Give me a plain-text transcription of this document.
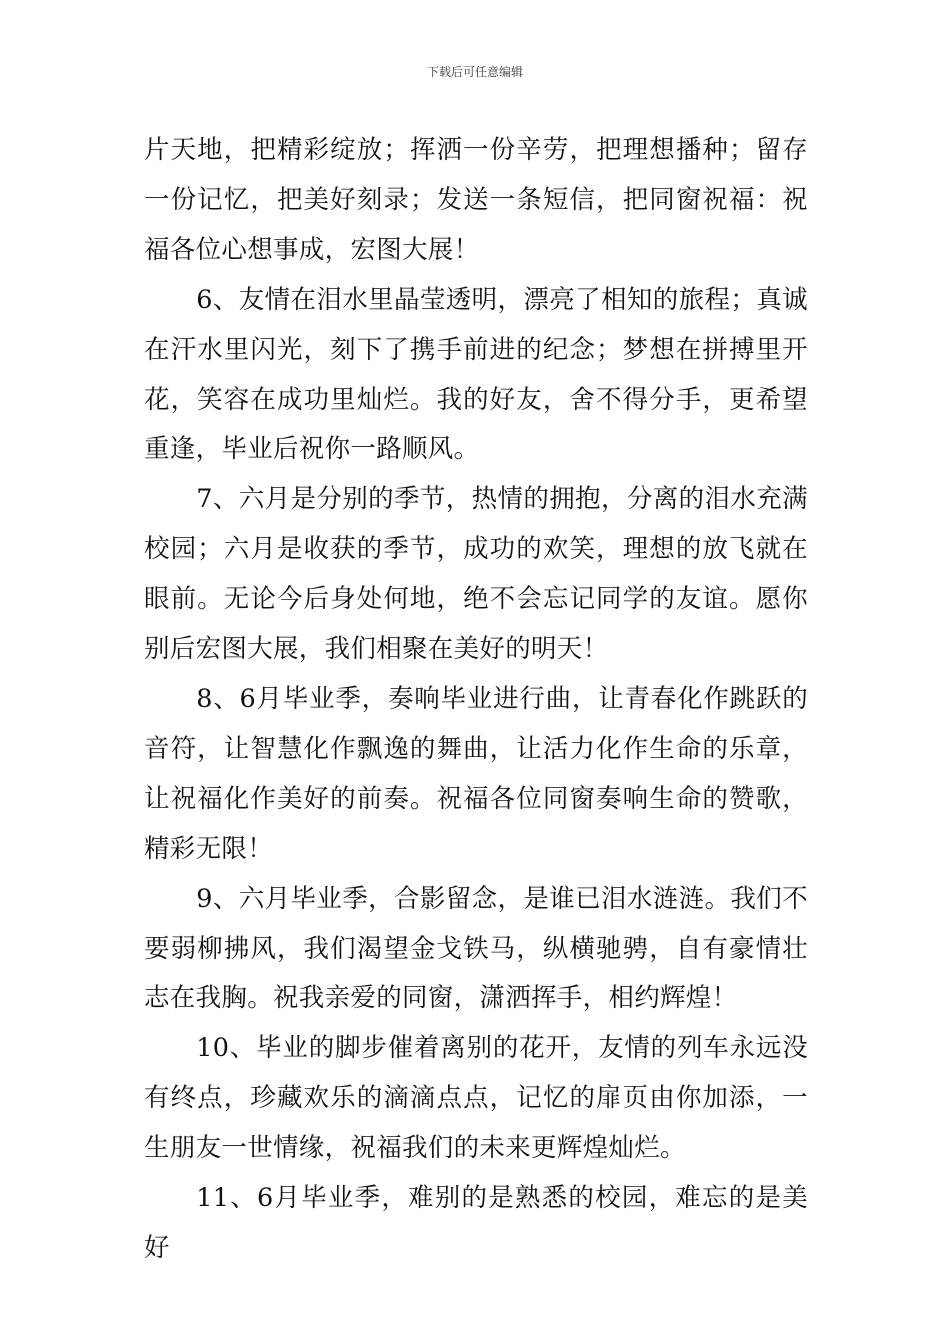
下载后可任意编辑

片天地，把精彩绽放；挥洒一份辛劳，把理想播种；留存一份记忆，把美好刻录；发送一条短信，把同窗祝福：祝福各位心想事成，宏图大展！

6、友情在泪水里晶莹透明，漂亮了相知的旅程；真诚在汗水里闪光，刻下了携手前进的纪念；梦想在拼搏里开花，笑容在成功里灿烂。我的好友，舍不得分手，更希望重逢，毕业后祝你一路顺风。

7、六月是分别的季节，热情的拥抱，分离的泪水充满校园；六月是收获的季节，成功的欢笑，理想的放飞就在眼前。无论今后身处何地，绝不会忘记同学的友谊。愿你别后宏图大展，我们相聚在美好的明天！

8、6月毕业季，奏响毕业进行曲，让青春化作跳跃的音符，让智慧化作飘逸的舞曲，让活力化作生命的乐章，让祝福化作美好的前奏。祝福各位同窗奏响生命的赞歌，精彩无限！

9、六月毕业季，合影留念，是谁已泪水涟涟。我们不要弱柳拂风，我们渴望金戈铁马，纵横驰骋，自有豪情壮志在我胸。祝我亲爱的同窗，潇洒挥手，相约辉煌！

10、毕业的脚步催着离别的花开，友情的列车永远没有终点，珍藏欢乐的滴滴点点，记忆的扉页由你加添，一生朋友一世情缘，祝福我们的未来更辉煌灿烂。

11、6月毕业季，难别的是熟悉的校园，难忘的是美好
